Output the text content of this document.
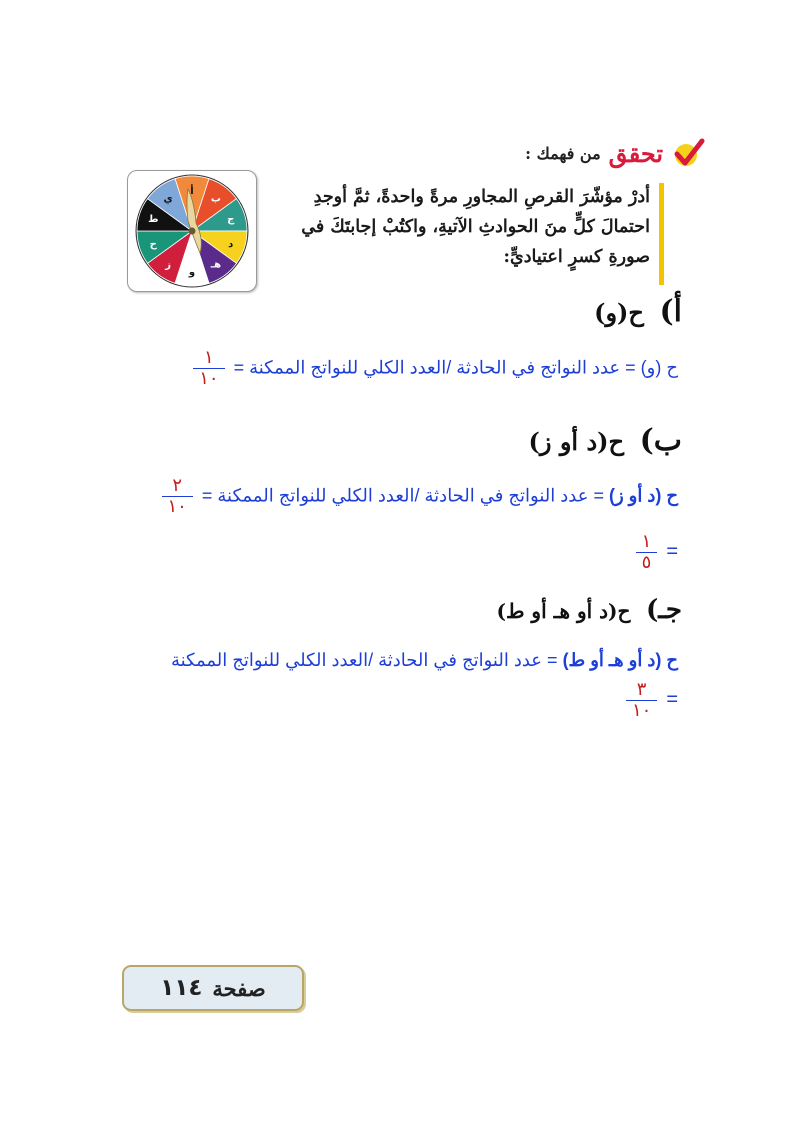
تحقق
من فهمك :
أدرْ مؤشّرَ القرصِ المجاورِ مرةً واحدةً، ثمَّ أوجدِ
احتمالَ كلٍّ منَ الحوادثِ الآتيةِ، واكتُبْ إجابتَكَ في
صورةِ كسرٍ اعتياديٍّ:
أ
ب
ج
د
هـ
و
ز
ح
ط
ي
أ) ح(و)
ح (و) = عدد النواتج في الحادثة /العدد الكلي للنواتج الممكنة =
$\frac{١}{١٠}$
ب) ح(د أو ز)
ح (د أو ز) = عدد النواتج في الحادثة /العدد الكلي للنواتج الممكنة =
$\frac{٢}{١٠}$
=
$\frac{١}{٥}$
جـ) ح(د أو هـ أو ط)
ح (د أو هـ أو ط) = عدد النواتج في الحادثة /العدد الكلي للنواتج الممكنة
=
$\frac{٣}{١٠}$
صفحة
١١٤
